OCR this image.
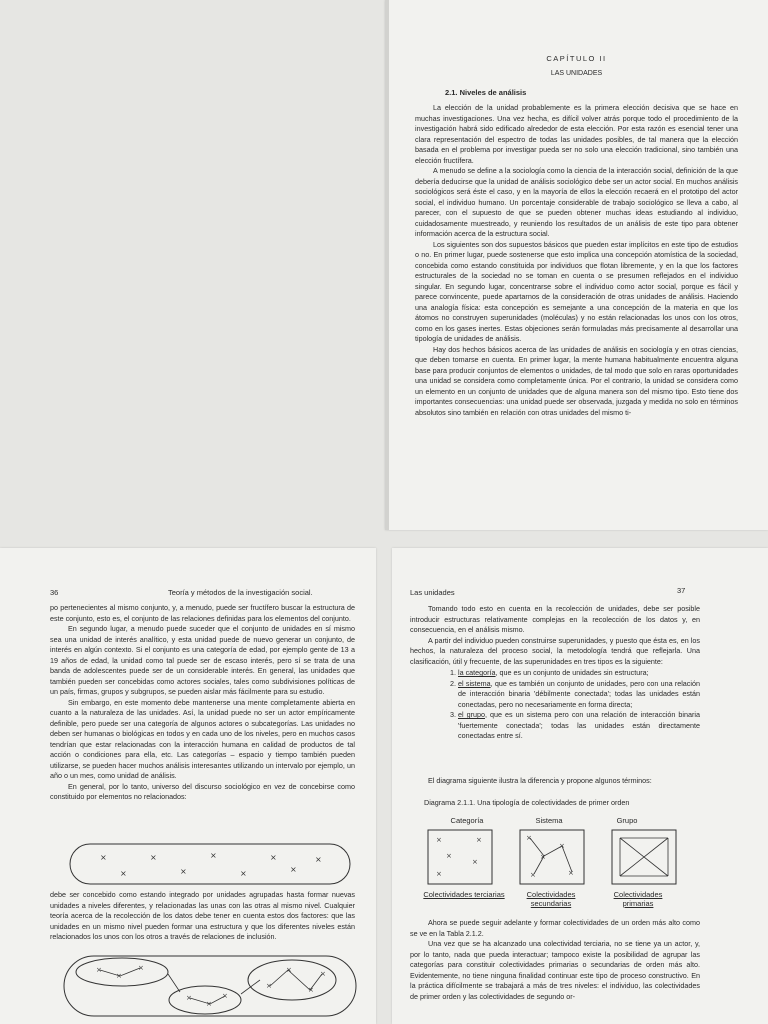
CAPÍTULO II
LAS UNIDADES
2.1. Niveles de análisis

La elección de la unidad probablemente es la primera elección decisiva que se hace en muchas investigaciones. Una vez hecha, es difícil volver atrás porque todo el procedimiento de la investigación habrá sido edificado alrededor de esta elección. Por esta razón es esencial tener una clara representación del espectro de todas las unidades posibles, de tal manera que la elección basada en el problema por investigar pueda ser no solo una elección tradicional, sino también una elección fructífera.

A menudo se define a la sociología como la ciencia de la interacción social, definición de la que debería deducirse que la unidad de análisis sociológico debe ser un actor social. En muchos análisis sociológicos será éste el caso, y en la mayoría de ellos la elección recaerá en el prototipo del actor social, el individuo humano. Un porcentaje considerable de trabajo sociológico se lleva a cabo, al parecer, con el supuesto de que se pueden obtener muchas ideas estudiando al individuo, cuidadosamente muestreado, y reuniendo los resultados de un análisis de este tipo para obtener información acerca de la estructura social.

Los siguientes son dos supuestos básicos que pueden estar implícitos en este tipo de estudios o no. En primer lugar, puede sostenerse que esto implica una concepción atomística de la sociedad, concebida como estando constituida por individuos que flotan libremente, y en la que los factores estructurales de la sociedad no se toman en cuenta o se presumen reflejados en el individuo singular. En segundo lugar, concentrarse sobre el individuo como actor social, porque es fácil y parece convincente, puede apartarnos de la consideración de otras unidades de análisis. Haciendo una analogía física: esta concepción es semejante a una concepción de la materia en que los átomos no construyen superunidades (moléculas) y no están relacionadas los unos con los otros, como en los gases inertes. Estas objeciones serán formuladas más precisamente al desarrollar una tipología de unidades de análisis.

Hay dos hechos básicos acerca de las unidades de análisis en sociología y en otras ciencias, que deben tomarse en cuenta. En primer lugar, la mente humana habitualmente encuentra alguna base para producir conjuntos de elementos o unidades, de tal modo que solo en raras oportunidades una unidad se considera como completamente única. Por el contrario, la unidad se considera como un elemento en un conjunto de unidades que de alguna manera son del mismo tipo. Esto tiene dos importantes consecuencias: una unidad puede ser observada, juzgada y medida no solo en términos absolutos sino también en relación con otras unidades del mismo ti-

36	Teoría y métodos de la investigación social.

po pertenecientes al mismo conjunto, y, a menudo, puede ser fructífero buscar la estructura de este conjunto, esto es, el conjunto de las relaciones definidas para los elementos del conjunto.

En segundo lugar, a menudo puede suceder que el conjunto de unidades en sí mismo sea una unidad de interés analítico, y esta unidad puede de nuevo generar un conjunto, de interés en algún contexto. Si el conjunto es una categoría de edad, por ejemplo gente de 13 a 19 años de edad, la unidad como tal puede ser de escaso interés, pero sí se trata de una banda de adolescentes puede ser de un considerable interés. En general, las unidades que también pueden ser concebidas como actores sociales, tales como subdivisiones políticas de un país, firmas, grupos y subgrupos, se pueden aislar más fácilmente para su estudio.

Sin embargo, en este momento debe mantenerse una mente completamente abierta en cuanto a la naturaleza de las unidades. Así, la unidad puede no ser un actor empíricamente definible, pero puede ser una categoría de algunos actores o subcategorías. Las unidades no deben ser humanas o biológicas en todos y en cada uno de los niveles, pero en muchos casos tendrían que estar relacionadas con la interacción humana en calidad de productos de tal acción o condiciones para ella, etc. Las categorías – espacio y tiempo también pueden utilizarse, se pueden hacer muchos análisis interesantes utilizando un intervalo por ejemplo, un año o un mes, como unidad de análisis.

En general, por lo tanto, universo del discurso sociológico en vez de concebirse como constituido por elementos no relacionados:

×	×	×	×
×	×	×	×
×

debe ser concebido como estando integrado por unidades agrupadas hasta formar nuevas unidades a niveles diferentes, y relacionadas las unas con las otras al mismo nivel. Cualquier teoría acerca de la recolección de los datos debe tener en cuenta estos dos factores: que las unidades en un mismo nivel pueden formar una estructura y que los diferentes niveles están relacionados los unos con los otros a través de relaciones de inclusión.

×
×
×
×
×
×
×
×
×
×
Las unidades	37

Tomando todo esto en cuenta en la recolección de unidades, debe ser posible introducir estructuras relativamente complejas en la recolección de los datos y, en consecuencia, en el análisis mismo.

A partir del individuo pueden construirse superunidades, y puesto que ésta es, en los hechos, la naturaleza del proceso social, la metodología tendrá que reflejarla. Una clasificación, útil y frecuente, de las superunidades en tres tipos es la siguiente:

1. la categoría, que es un conjunto de unidades sin estructura;
2. el sistema, que es también un conjunto de unidades, pero con una relación de interacción binaria 'débilmente conectada'; todas las unidades están conectadas, pero no necesariamente en forma directa;
3. el grupo, que es un sistema pero con una relación de interacción binaria 'fuertemente conectada'; todas las unidades están directamente conectadas entre sí.

El diagrama siguiente ilustra la diferencia y propone algunos términos:

Diagrama 2.1.1. Una tipología de colectividades de primer orden
Categoría	Sistema	Grupo
×	×
×
×
×
×
×
×
×
×
Colectividades terciarias	Colectividades secundarias
Colectividades primarias

Ahora se puede seguir adelante y formar colectividades de un orden más alto como se ve en la Tabla 2.1.2.

Una vez que se ha alcanzado una colectividad terciaria, no se tiene ya un actor, y, por lo tanto, nada que pueda interactuar; tampoco existe la posibilidad de agrupar las categorías para constituir colectividades primarias o secundarias de orden más alto. Evidentemente, no tiene ninguna finalidad continuar este tipo de proceso constructivo. En la práctica difícilmente se trabajará a más de tres niveles: el individuo, las colectividades de primer orden y las colectividades de segundo or-
